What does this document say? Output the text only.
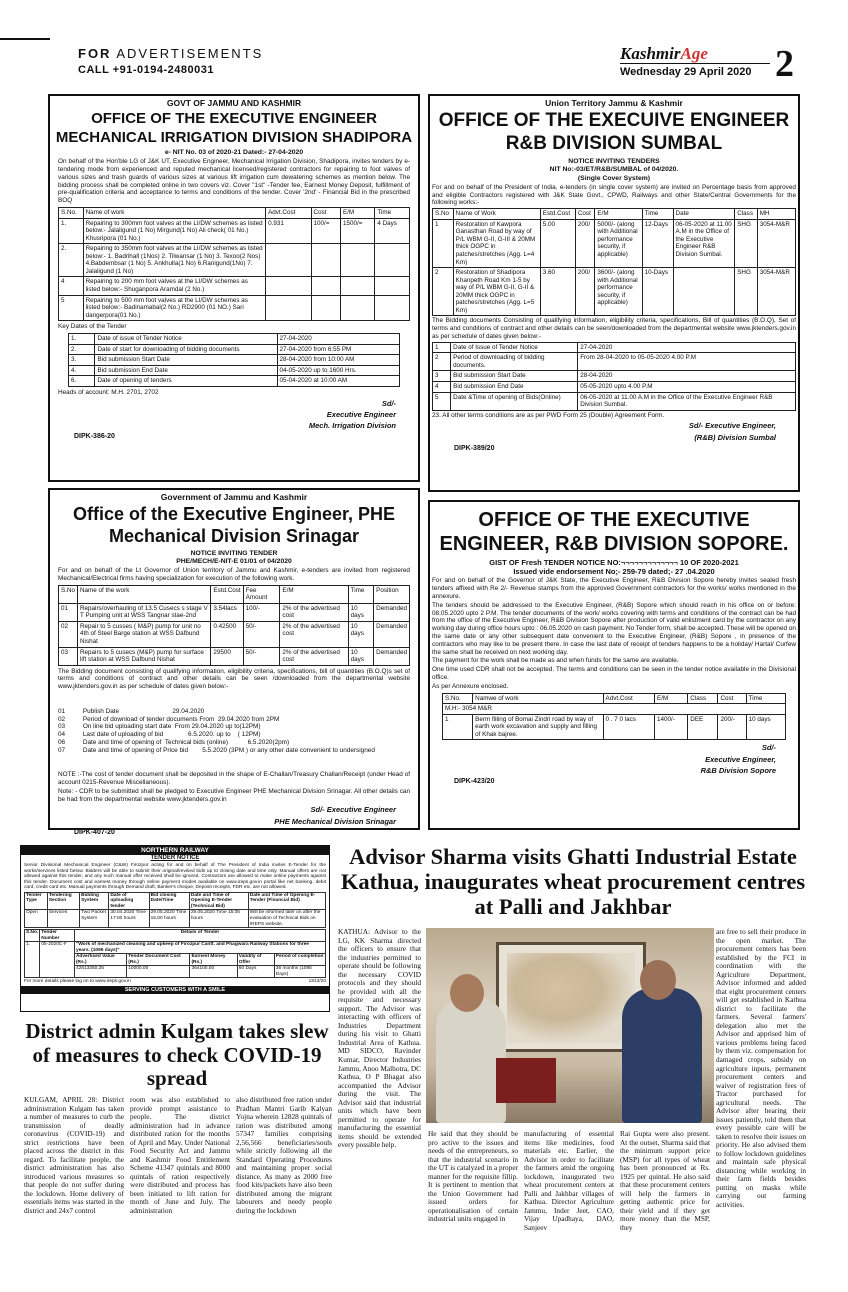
FOR ADVERTISEMENTS
CALL +91-0194-2480031
KashmirAge
Wednesday 29 April 2020 2
GOVT OF JAMMU AND KASHMIR
OFFICE OF THE EXECUTIVE ENGINEER MECHANICAL IRRIGATION DIVISION SHADIPORA
e- NIT No. 03 of 2020-21 Dated:- 27-04-2020

On behalf of the Hon'ble LG of J&K UT, Executive Engineer, Mechanical Irrigation Division, Shadipora, invites tenders by e-tendering mode from experienced and reputed mechanical licensed/registered contractors for repairing to foot valves of various sizes and trash guards of various sizes at various lift irrigation cum dewatering schemes as mention below. The bidding process shall be completed online in two covers viz. Cover "1st" -Tender fee, Earnest Money Deposit, fulfillment of pre-qualification criteria and acceptance to terms and conditions of the tender. Cover '2nd' - Financial Bid in the prescribed BOQ

S.No.	Name of work	Advt.Cost	Cost	E/M	Time
1.	Repairing to 300mm foot valves at the LI/DW schemes as listed below:- Jalaligund (1 No) Mirgund(1 No) Ali check( 01 No.) Khusripora (01 No.)	0.931	100/=	1500/=	4 Days
2.	Repairing to 350mm foot valves at the LI/DW schemes as listed below:- 1. Badrihall (1Nos) 2. Tilwansar (1 No) 3. Texoo(2 Nos) 4.Babdembsar (1 No) 5. Ankhulla(1 No) 6.Ranigund(1No) 7. Jalaligund (1 No)				
4	Repairing to 200 mm foot valves at the LI/DW schemes as listed below:- Shuganpora Aramdal (2 No.)				
5	Repairing to 500 mm foot valves at the LI/DW schemes as listed below:- Badinamabal(2 No.) RD2900 (01 NO.) Sari dangerpora(01 No.)				

Key Dates of the Tender

1.	Date of issue of Tender Notice	27-04-2020
2.	Date of start for downloading of bidding documents	27-04-2020 from 6:55 PM
3.	Bid submission Start Date	28-04-2020 from 10:00 AM
4.	Bid submission End Date	04-05-2020 up to 1600 Hrs.
6.	Date of opening of tenders	05-04-2020 at 10:00 AM

Heads of account: M.H. 2701, 2702

Sd/-
Executive Engineer
Mech. Irrigation Division
DIPK-386-20
Union Territory Jammu & Kashmir
OFFICE OF THE EXECUIVE ENGINEER R&B DIVISION SUMBAL
NOTICE INVITING TENDERS
NIT No:-03/ET/R&B/SUMBAL of 04/2020.
(Single Cover System)

For and on behalf of the President of India, e-tenders (in single cover system) are invited on Percentage basis from approved and eligible Contractors registered with J&K State Govt., CPWD, Railways and other State/Central Governments for the following works:-

S.No	Name of Work	Estd.Cost	Cost	E/M	Time	Date	Class	MH
1	Restoration of Kawpora Ganasthan Road by way of P/L WBM G-II, G-III & 20MM thick OGPC in patches/stretches (Agg. L=4 Km)	5.00	200/	5000/- (along with Additional performance security, if applicable)	12-Days	06-05-2020 at 11.00 A.M in the Office of the Executive Engineer R&B Division Sumbal.	SHG	3054-M&R
2	Restoration of Shadipora Khanpeth Road Km 1-5 by way of P/L WBM G-II, G-II & 20MM thick OGPC in patches/stretches (Agg. L=5 Km)	3.60	200/	3600/- (along with Additional performance security, if applicable)	10-Days		SHG	3054-M&R

The Bidding documents Consisting of qualifying information, eligibility criteria, specifications, Bill of quantities (B.O.Q), Set of terms and conditions of contract and other details can be seen/downloaded from the departmental website www.jktenders.gov.in as per schedule of dates given below:-

1	Date of Issue of Tender Notice	27-04-2020
2	Period of downloading of bidding documents.	From 28-04-2020 to 05-05-2020 4.00 P.M
3	Bid submission Start Date	28-04-2020
4	Bid submission End Date	05-05-2020 upto 4.00 P.M
5	Date &Time of opening of Bids(Online)	06-05-2020 at 11.00 A.M in the Office of the Executive Engineer R&B Division Sumbal.

23. All other terms conditions are as per PWD Form 25 (Double) Agreement Form.

Sd/- Executive Engineer,
(R&B) Division Sumbal
DIPK-389/20
Government of Jammu and Kashmir
Office of the Executive Engineer, PHE Mechanical Division Srinagar
NOTICE INVITING TENDER
PHE/MECH/E-NIT-E 01/01 of 04/2020

For and on behalf of the Lt Governor of Union territory of Jammu and Kashmir, e-tenders are invited from registered Mechanical/Electrical firms having specialization for execution of the following work.

S.No	Name of the work	Estd.Cost	Fee Amount	E/M	Time	Position
01	Repairs/overhauling of 13.5 Cusecs s stage V T Pumping unit at WSS Tangnar stae-2nd	3.54lacs	100/-	2% of the advertised cost	10 days	Demanded
02	Repair to 5 cusses ( M&P) pump for unit no 4th of Steel Barge station at WSS Dafbund Nishat	0.42500	50/-	2% of the advertised cost	10 days	Demanded
03	Repairs to 5 cusecs (M&P) pump for surface lift station at WSS Dafbund Nishat	29500	50/-	2% of the advertised cost	10 days	Demanded

The Bidding document consisting of qualifying information, eligibility criteria, specifications, bill of quantities (B.O.Q)s set of terms and conditions of contract and other details can be seen /downloaded from the departmental website www.jktenders.gov.in as per schedule of dates given below:-

01          Publish Date                              29.04.2020
02          Period of download of tender documents From  29.04.2020 from 2PM
03          On line bid uploading start date  From 29.04.2020 up to(12PM)
04          Last date of uploading of bid              6.5.2020. up to    ( 12PM)
06          Date and time of opening of  Technical bids (online)           6.5.2020(2pm)
07          Date and time of opening of Price bid        5.5.2020 (3PM ) or any other date convenient to undersigned

NOTE :-The cost of tender document shall be deposited in the shape of E-Challan/Treasury Challan/Receipt (under Head of account 0215-Revenue Miscellaneous).

Note: - CDR to be submitted shall be pledged to Executive Engineer PHE Mechanical Division Srinagar. All other details can be had from the departmental website www.jktenders.gov.in

Sd/- Executive Engineer
PHE Mechanical Division Srinagar
DIPK-407-20
OFFICE OF THE EXECUTIVE ENGINEER, R&B DIVISION SOPORE.
GIST OF Fresh TENDER NOTICE NO:¬¬¬¬¬¬¬¬¬¬¬¬¬ 10 OF 2020-2021
Issued vide endorsement No;- 259-79 dated;- 27 .04.2020

For and on behalf of the Governor of J&K State, the Executive Engineer, R&B Division Sopore hereby invites sealed fresh tenders affixed with Re 2/- Revenue stamps from the approved Government contractors for the works/ works mentioned in the annexure.

The tenders should be addressed to the Executive Engineer, (R&B) Sopore which should reach in his office on or before: 08.05.2020 upto 2 P.M. The tender documents of the work/ works covering with terms and conditions of the contract can be had from the office of the Executive Engineer, R&B Division Sopore after production of valid enlistment card by the contractor on any working day during office hours upto : 06.05.2020 on cash payment. No Tender form, shall be accepted. These will be opened on the same date or any other subsequent date convenient to the Executive Engineer, (R&B) Sopore , in presence of the contractors who may like to be present there. In case the last date of receipt of tenders happens to be a holiday/ Hartal/ Curfew the same shall be received on next working day.

The payment for the work shall be made as and when funds for the same are available.

One time used CDR shall not be accepted. The terms and conditions can be seen in the tender notice available in the Divisional office.

As per Annexure enclosed.

S.No.	Namwe of work	Advt.Cost	E/M	Class	Cost	Time
M.H:- 3054 M&R						
1	Berm filling of Bomai Zindri road by way of earth work excavation and supply and filling of Khak bajree.	0 . 7 0 lacs	1400/-	DEE	200/-	10 days
Sd/-
Executive Engineer,
R&B Division Sopore
DIPK-423/20
NORTHERN RAILWAY
TENDER NOTICE

Senior Divisional Mechanical Engineer (C&W) Firozpur acting for and on behalf of The President of India invites E-Tender for the works/services listed below. Bidders will be able to submit their original/revised bids up to closing date and time only. Manual offers are not allowed against this tender, and any such manual offer received shall be ignored. Contractors are allowed to make online payments against this tender. Document cost and earnest money through online payment modes available on www.ireps.gov.in portal like net banking, debit card, credit card etc. Manual payments through Demand draft, Banker's cheque, Deposit receipts, FDR etc. are not allowed.

Tender Type	Tendering Section	Bidding System	Date of uploading tender	Bid closing Date/Time	Date and Time of Opening E-Tender (Technical Bid)	Date and Time of Opening E-Tender (Financial Bid)
Open	Services	Two Packet System	30.04.2020 Time 17:00 hours	29.05.2020 Time 15.00 hours	29.05.2020 Time 15:05 hours	Will be informed later on after the evaluation of Technical Bids on IREPS website.
S.No.	Tender Number	Details of Tender				
1.	05-2020C-F	"Work of mechanized cleaning and upkeep of Firozpur Cantt. and Phagwara Railway Stations for three years. (1095 days)"				
		Advertised Value (Rs.)	Tender Document Cost (Rs.)	Earnest Money (Rs.)	Validity of Offer	Period of completion
		42813350.25	10000.00	364100.00	60 Days	36 months (1095 Days)
For more details please log on to www.ireps.gov.in	1813/20
SERVING CUSTOMERS WITH A SMILE
Advisor Sharma visits Ghatti Industrial Estate Kathua, inaugurates wheat procurement centres at Palli and Jakhbar
KATHUA: Advisor to the LG, KK Sharma directed the officers to ensure that the industries permitted to operate should be following the necessary COVID protocols and they should be provided with all the requisite and necessary support. The Advisor was interacting with officers of Industries Department during his visit to Ghatti Industrial Area of Kathua. MD SIDCO, Ravinder Kumar, Director Industries Jammu, Anoo Malhotra, DC Kathua, O P Bhagat also accompanied the Advisor during the visit. The Advisor said that industrial units which have been permitted to operate for manufacturing the essential items should be extended every possible help.
He said that they should be pro active to the issues and needs of the entrepreneurs, so that the industrial scenario in the UT is catalyzed in a proper manner for the requisite fillip. It is pertinent to mention that the Union Government had issued orders for operationalisation of certain industrial units engaged in
manufacturing of essential items like medicines, food materials etc. Earlier, the Advisor in order to facilitate the farmers amid the ongoing lockdown, inaugurated two wheat procurement centers at Palli and Jakhbar villages of Kathua. Director Agriculture Jammu, Inder Jeet, CAO, Vijay Upadhaya, DAO, Sanjeev
Rai Gupta were also present. At the outset, Sharma said that the minimum support price (MSP) for all types of wheat has been pronounced at Rs. 1925 per quintal. He also said that these procurement centers will help the farmers in getting authentic price for their yield and if they get more money than the MSP, they
are free to sell their produce in the open market. The procurement centers has been established by the FCI in coordination with the Agriculture Department, Advisor informed and added that eight procurement centers will get established in Kathua district to facilitate the farmers. Several farmers' delegation also met the Advisor and apprised him of various problems being faced by them viz. compensation for damaged crops, subsidy on agriculture inputs, permanent procurement centers and waiver of registration fees of Tractor purchased for agricultural needs. The Advisor after hearing their issues patiently, told them that every possible care will be taken to resolve their issues on priority. He also advised them to follow lockdown guidelines and maintain safe physical distancing while working in their farm fields besides putting on masks while carrying out farming activities.
District admin Kulgam takes slew of measures to check COVID-19 spread
KULGAM, APRIL 28: District administration Kulgam has taken a number of measures to curb the transmission of deadly coronavirus (COVID-19) and strict restrictions have been placed across the district in this regard. To facilitate people, the district administration has also introduced various measures so that people do not suffer during the lockdown. Home delivery of essentials items was started in the district and 24x7 control
room was also established to provide prompt assistance to people. The district administration had in advance distributed ration for the months of April and May. Under National Food Security Act and Jammu and Kashmir Food Entitlement Scheme 41347 quintals and 8000 quintals of ration respectively were distributed and process has been initiated to lift ration for month of June and July. The administration
also distributed free ration under Pradhan Mantri Garib Kalyan Yojna wherein 12828 quintals of ration was distributed among 57347 families comprising 2,56,566 beneficiaries/souls while strictly following all the Standard Operating Procedures and maintaining proper social distance. As many as 2000 free food kits/packets have also been distributed among the migrant labourers and needy people during the lockdown
